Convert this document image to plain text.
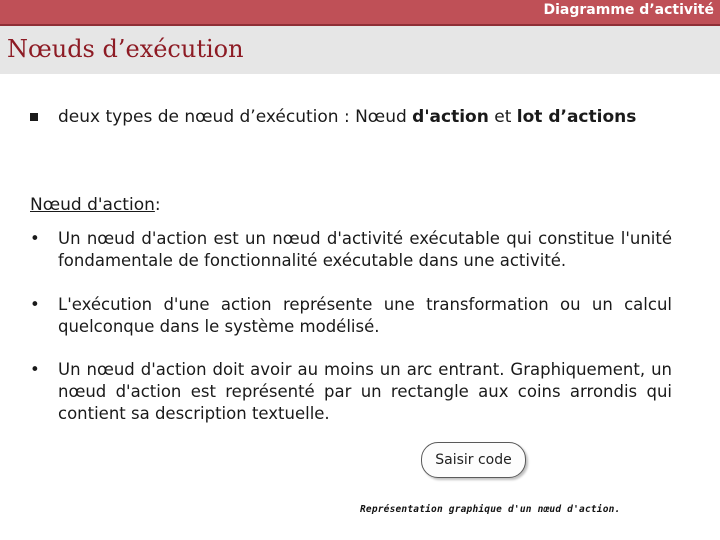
Diagramme d’activité
Nœuds d’exécution
deux types de nœud d’exécution : Nœud d'action et lot d’actions
Nœud d'action:
•	Un nœud d'action est un nœud d'activité exécutable qui constitue l'unité fondamentale de fonctionnalité exécutable dans une activité.
•	L'exécution d'une action représente une transformation ou un calcul quelconque dans le système modélisé.
•	Un nœud d'action doit avoir au moins un arc entrant. Graphiquement, un nœud d'action est représenté par un rectangle aux coins arrondis qui contient sa description textuelle.
Saisir code
Représentation graphique d'un nœud d'action.
